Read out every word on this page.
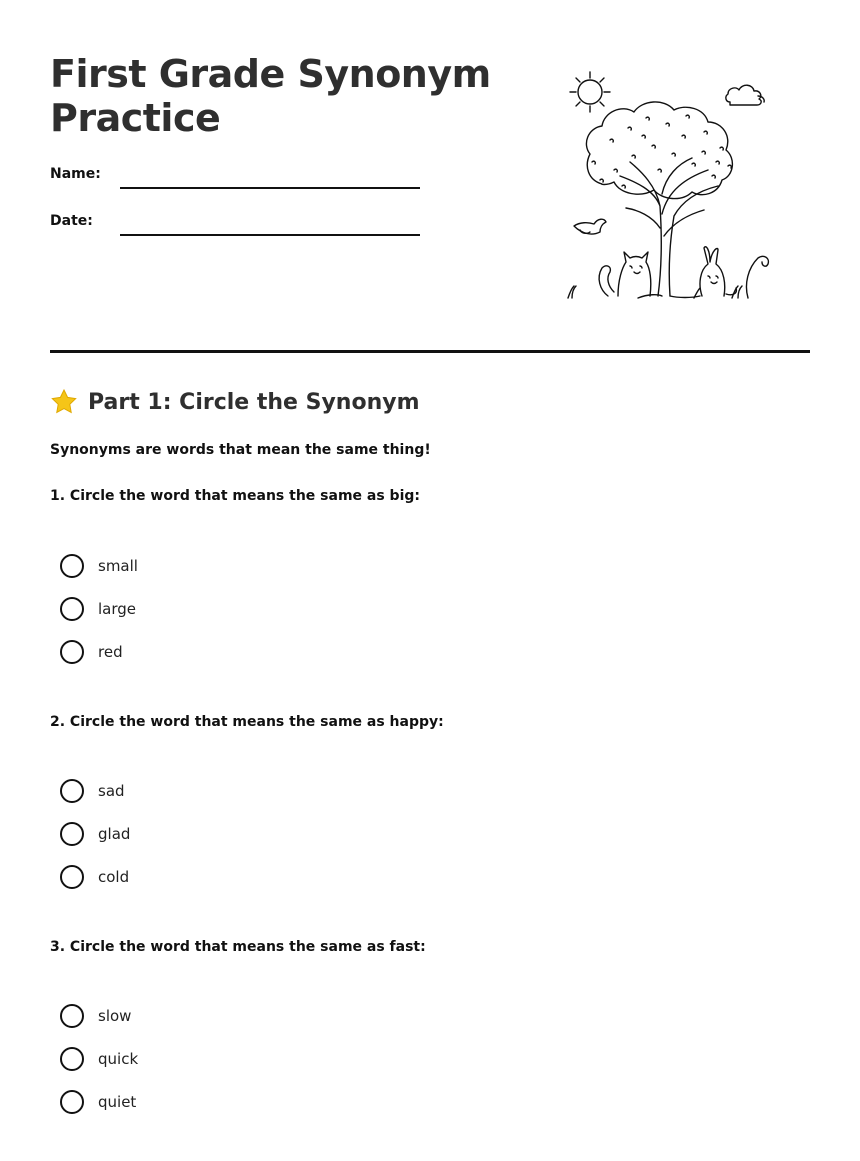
First Grade Synonym Practice
Name:
Date:
Part 1: Circle the Synonym
Synonyms are words that mean the same thing!
1. Circle the word that means the same as big:
small
large
red
2. Circle the word that means the same as happy:
sad
glad
cold
3. Circle the word that means the same as fast:
slow
quick
quiet
